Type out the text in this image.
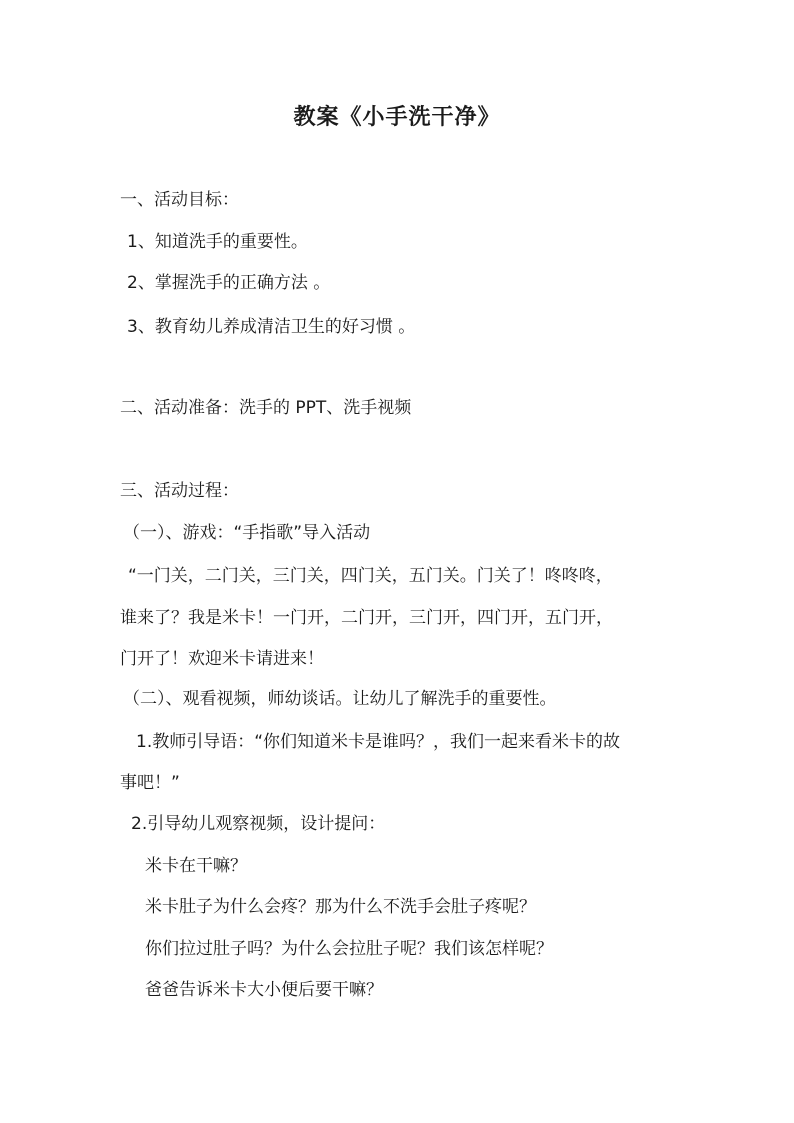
教案《小手洗干净》
一、活动目标：
1、知道洗手的重要性。
2、掌握洗手的正确方法 。
3、教育幼儿养成清洁卫生的好习惯 。
二、活动准备：洗手的 PPT、洗手视频
三、活动过程：
（一）、游戏：“手指歌”导入活动
“一门关，二门关，三门关，四门关，五门关。门关了！咚咚咚，
谁来了？我是米卡！一门开，二门开，三门开，四门开，五门开，
门开了！欢迎米卡请进来！
（二）、观看视频，师幼谈话。让幼儿了解洗手的重要性。
1.教师引导语：“你们知道米卡是谁吗？，我们一起来看米卡的故
事吧！”
2.引导幼儿观察视频，设计提问：
米卡在干嘛？
米卡肚子为什么会疼？那为什么不洗手会肚子疼呢？
你们拉过肚子吗？为什么会拉肚子呢？我们该怎样呢？
爸爸告诉米卡大小便后要干嘛？
